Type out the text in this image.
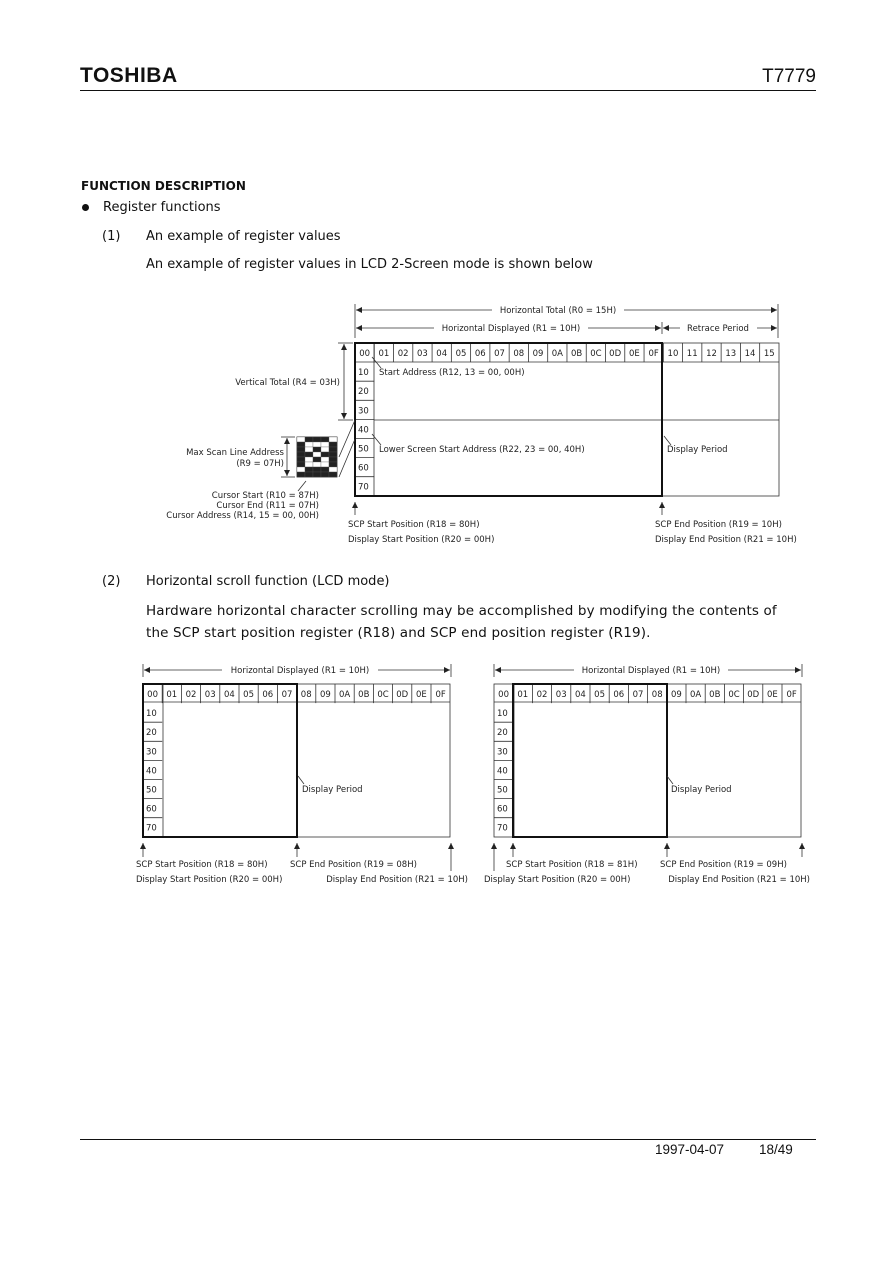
TOSHIBA	T7779
FUNCTION DESCRIPTION
Register functions
(1) An example of register values
An example of register values in LCD 2-Screen mode is shown below
Horizontal Total (R0 = 15H)
Horizontal Displayed (R1 = 10H)	Retrace Period
00 01 02 03 04 05 06 07 08 09 0A 0B 0C 0D 0E 0F 10 11 12 13 14 15
10
20
30
40
50
60
70
Vertical Total (R4 = 03H)
Max Scan Line Address
(R9 = 07H)
Cursor Start (R10 = 87H)
Cursor End (R11 = 07H)
Cursor Address (R14, 15 = 00, 00H)
Start Address (R12, 13 = 00, 00H)
Lower Screen Start Address (R22, 23 = 00, 40H)	Display Period
SCP Start Position (R18 = 80H)
Display Start Position (R20 = 00H)
SCP End Position (R19 = 10H)
Display End Position (R21 = 10H)
(2) Horizontal scroll function (LCD mode)
Hardware horizontal character scrolling may be accomplished by modifying the contents of
the SCP start position register (R18) and SCP end position register (R19).
Horizontal Displayed (R1 = 10H)
00 01 02 03 04 05 06 07 08 09 0A 0B 0C 0D 0E 0F
10
20
30
40
50
60
70
Display Period
SCP Start Position (R18 = 80H)	SCP End Position (R19 = 08H)
Display Start Position (R20 = 00H)	Display End Position (R21 = 10H)
Horizontal Displayed (R1 = 10H)
00 01 02 03 04 05 06 07 08 09 0A 0B 0C 0D 0E 0F
10
20
30
40
50
60
70
Display Period
SCP Start Position (R18 = 81H)	SCP End Position (R19 = 09H)
Display Start Position (R20 = 00H)	Display End Position (R21 = 10H)
1997-04-07	18/49
